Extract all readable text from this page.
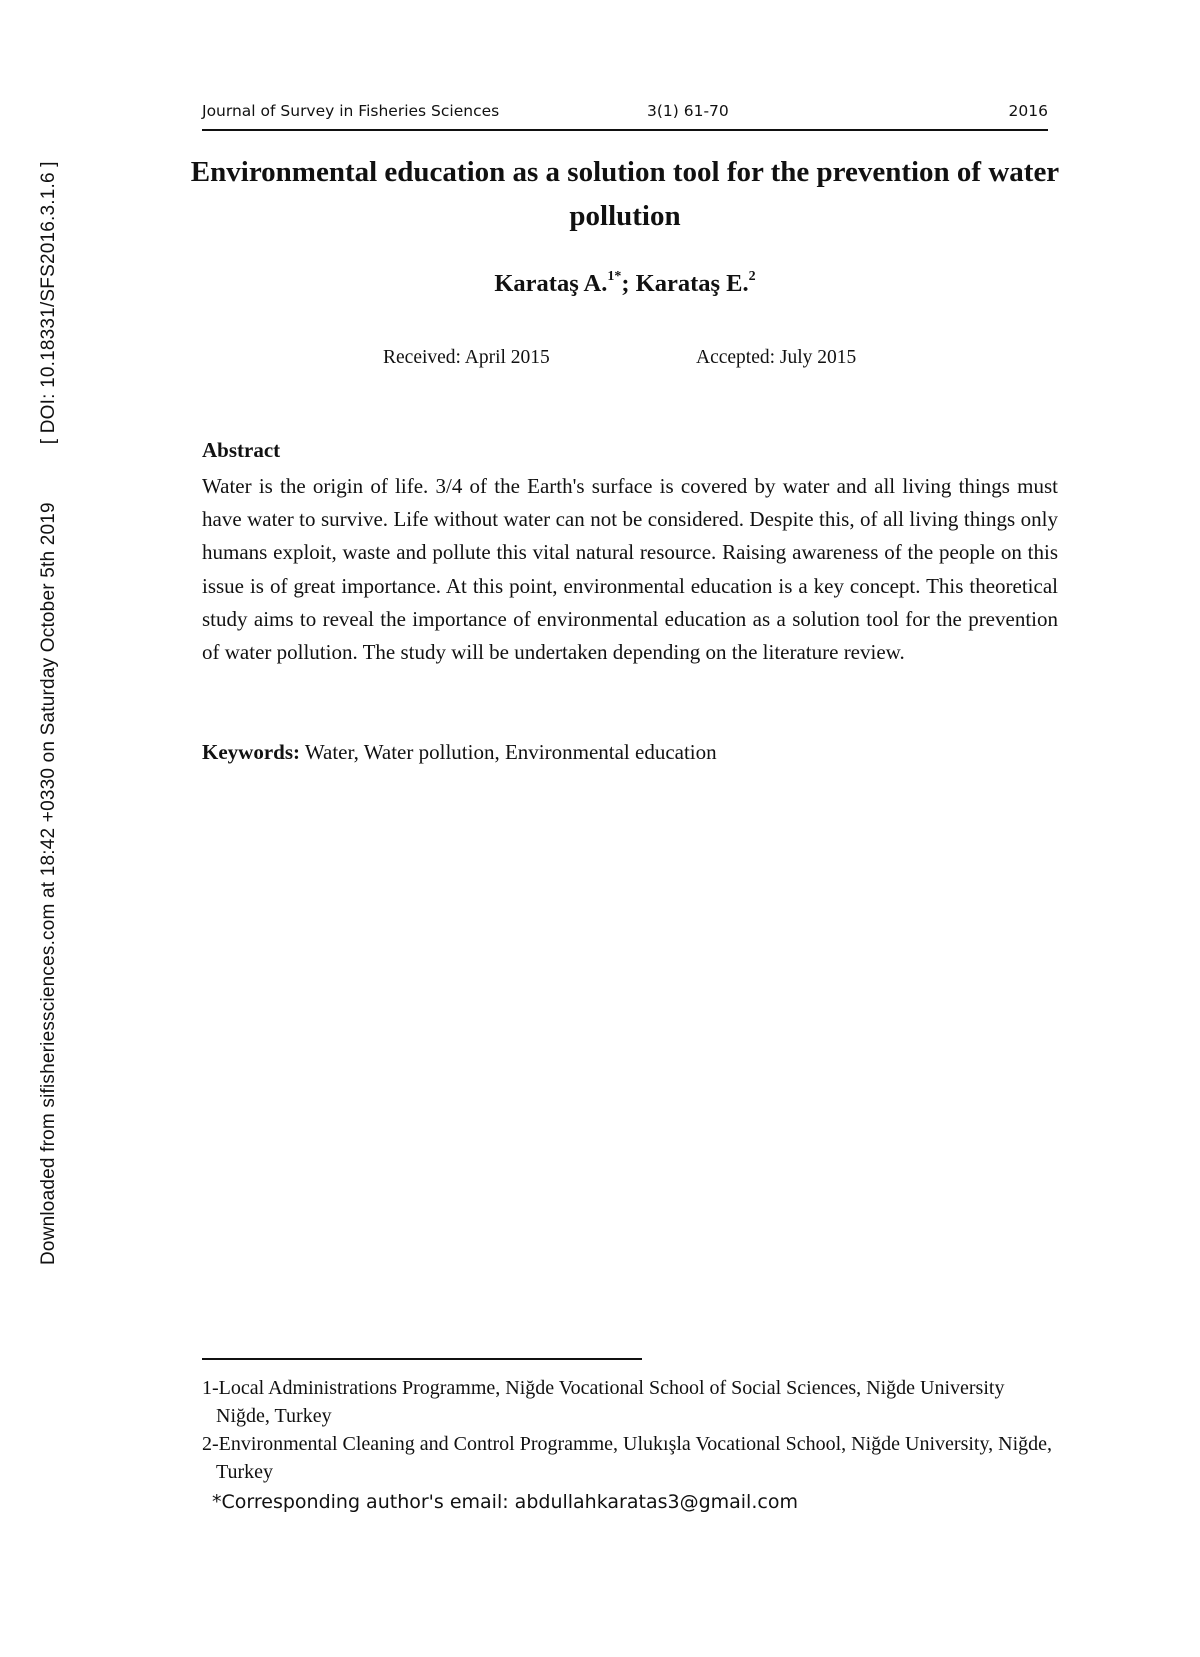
Downloaded from sifisheriessciences.com at 18:42 +0330 on Saturday October 5th 2019[ DOI: 10.18331/SFS2016.3.1.6 ]
Journal of Survey in Fisheries Sciences	3(1) 61-70	2016
Environmental education as a solution tool for the prevention of water pollution
Karataş A.$^{1*}$; Karataş E.$^2$
Received: April 2015	Accepted: July 2015
Abstract
Water is the origin of life. 3/4 of the Earth's surface is covered by water and all living things must have water to survive. Life without water can not be considered. Despite this, of all living things only humans exploit, waste and pollute this vital natural resource. Raising awareness of the people on this issue is of great importance. At this point, environmental education is a key concept. This theoretical study aims to reveal the importance of environmental education as a solution tool for the prevention of water pollution. The study will be undertaken depending on the literature review.
Keywords: Water, Water pollution, Environmental education
1-Local Administrations Programme, Niğde Vocational School of Social Sciences, Niğde University Niğde, Turkey
2-Environmental Cleaning and Control Programme, Ulukışla Vocational School, Niğde University, Niğde, Turkey
*Corresponding author's email: abdullahkaratas3@gmail.com
